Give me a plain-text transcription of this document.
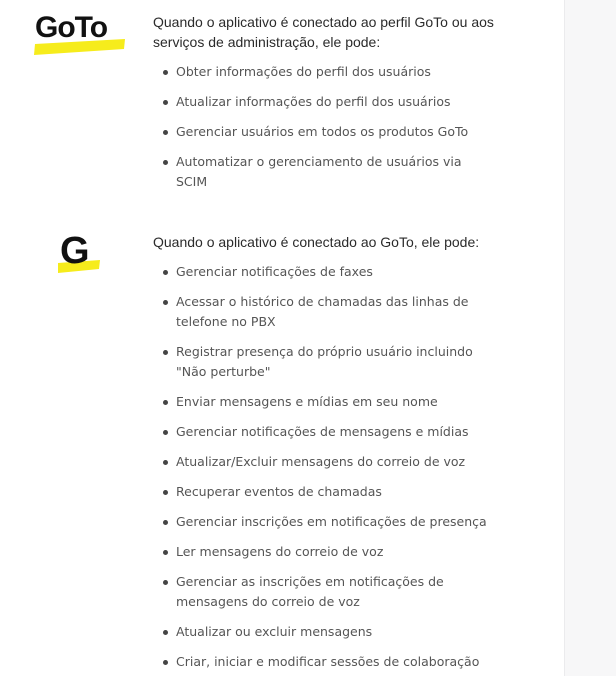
GoTo	Quando o aplicativo é conectado ao perfil GoTo ou aos serviços de administração, ele pode:

Obter informações do perfil dos usuários
Atualizar informações do perfil dos usuários
Gerenciar usuários em todos os produtos GoTo
Automatizar o gerenciamento de usuários via SCIM
G	Quando o aplicativo é conectado ao GoTo, ele pode:

Gerenciar notificações de faxes
Acessar o histórico de chamadas das linhas de telefone no PBX
Registrar presença do próprio usuário incluindo "Não perturbe"
Enviar mensagens e mídias em seu nome
Gerenciar notificações de mensagens e mídias
Atualizar/Excluir mensagens do correio de voz
Recuperar eventos de chamadas
Gerenciar inscrições em notificações de presença
Ler mensagens do correio de voz
Gerenciar as inscrições em notificações de mensagens do correio de voz
Atualizar ou excluir mensagens
Criar, iniciar e modificar sessões de colaboração
